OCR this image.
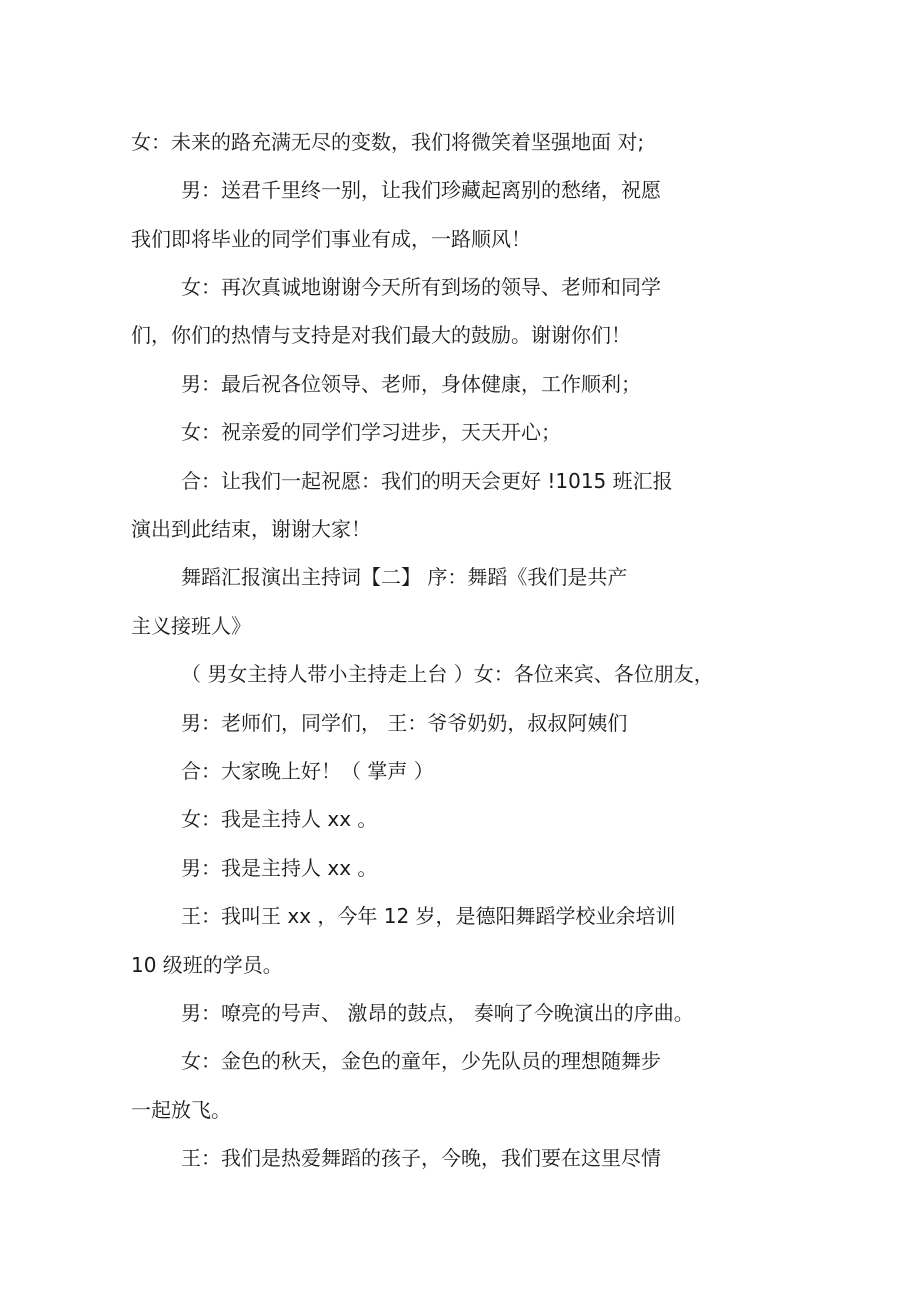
女：未来的路充满无尽的变数，我们将微笑着坚强地面 对;
男：送君千里终一别，让我们珍藏起离别的愁绪，祝愿
我们即将毕业的同学们事业有成，一路顺风！
女：再次真诚地谢谢今天所有到场的领导、老师和同学
们，你们的热情与支持是对我们最大的鼓励。谢谢你们！
男：最后祝各位领导、老师，身体健康，工作顺利；
女：祝亲爱的同学们学习进步，天天开心；
合：让我们一起祝愿：我们的明天会更好 !1015 班汇报
演出到此结束，谢谢大家！
舞蹈汇报演出主持词【二】 序：舞蹈《我们是共产
主义接班人》
（ 男女主持人带小主持走上台 ）女：各位来宾、各位朋友，
男：老师们，同学们， 王：爷爷奶奶，叔叔阿姨们
合：大家晚上好！（ 掌声 ）
女：我是主持人 xx 。
男：我是主持人 xx 。
王：我叫王 xx ，今年 12 岁，是德阳舞蹈学校业余培训
10 级班的学员。
男：嘹亮的号声、 激昂的鼓点， 奏响了今晚演出的序曲。
女：金色的秋天，金色的童年，少先队员的理想随舞步
一起放飞。
王：我们是热爱舞蹈的孩子，今晚，我们要在这里尽情
